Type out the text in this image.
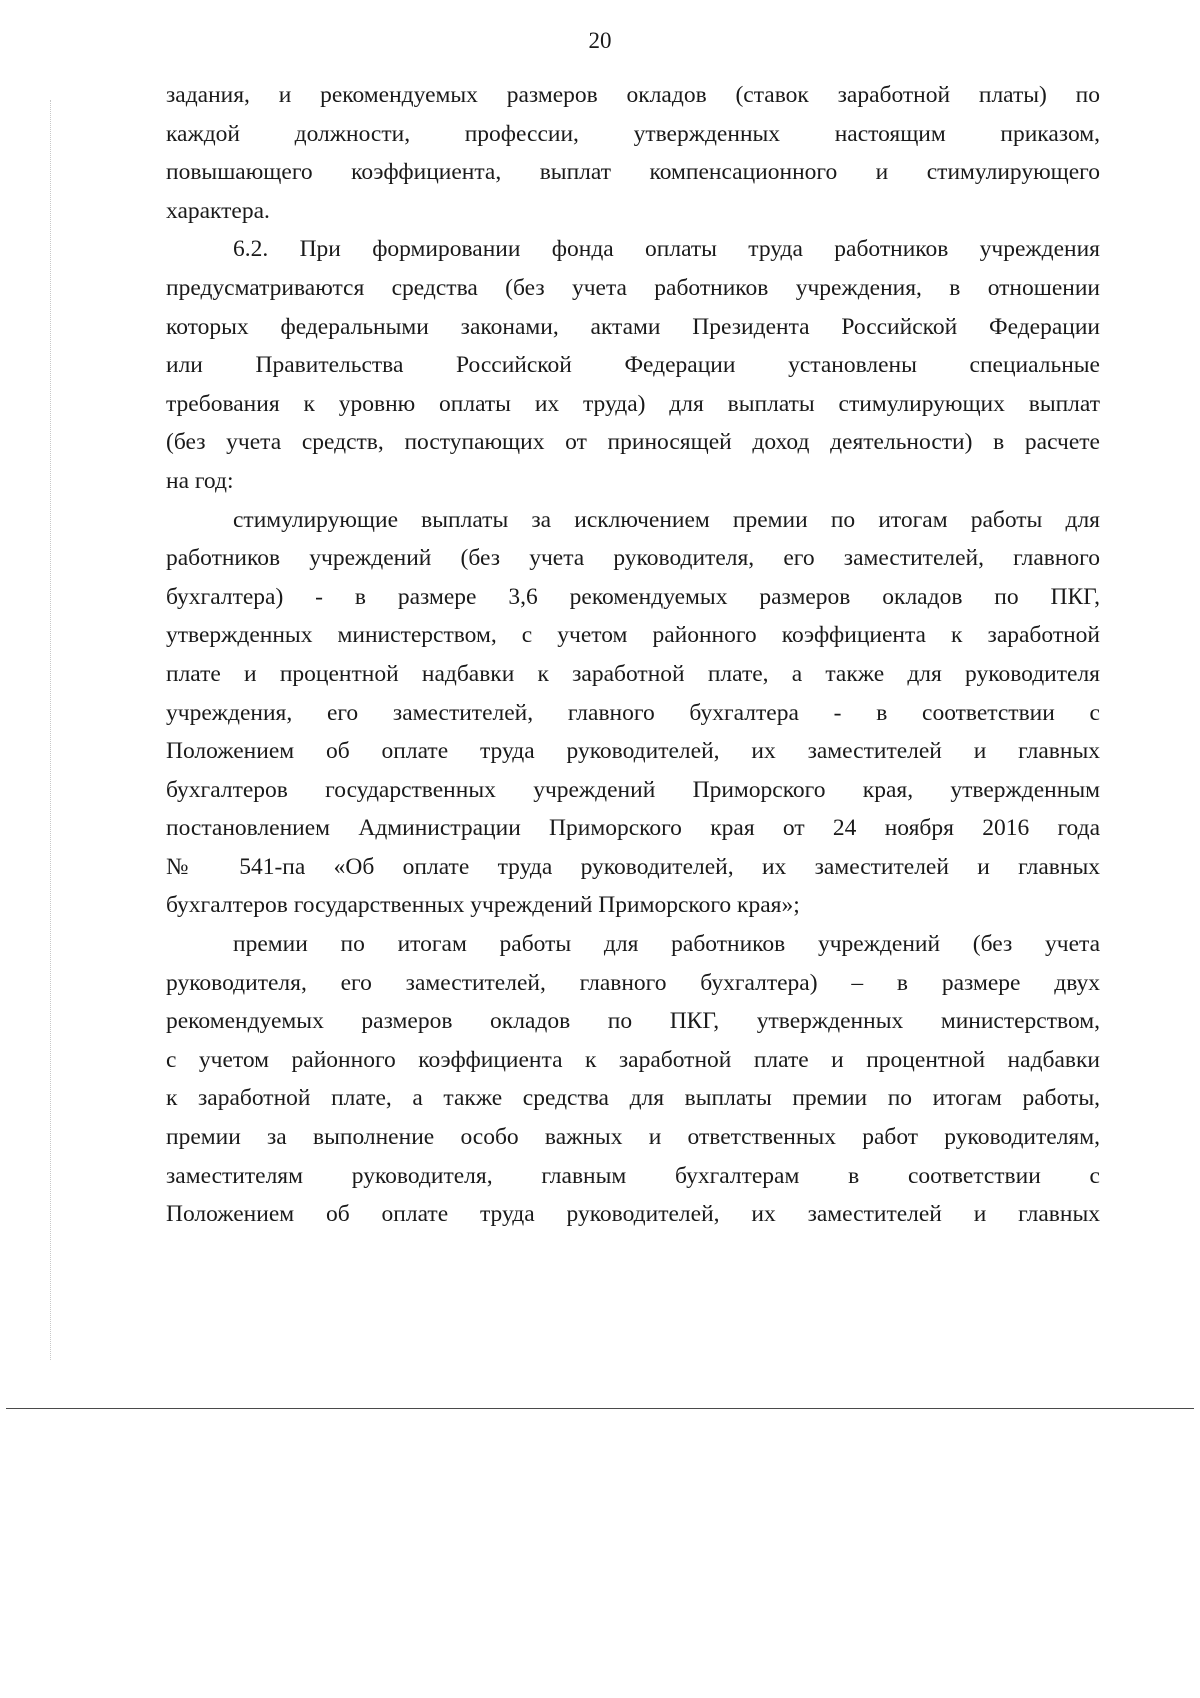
20
задания, и рекомендуемых размеров окладов (ставок заработной платы) по
каждой должности, профессии, утвержденных настоящим приказом,
повышающего коэффициента, выплат компенсационного и стимулирующего
характера.
6.2. При формировании фонда оплаты труда работников учреждения
предусматриваются средства (без учета работников учреждения, в отношении
которых федеральными законами, актами Президента Российской Федерации
или Правительства Российской Федерации установлены специальные
требования к уровню оплаты их труда) для выплаты стимулирующих выплат
(без учета средств, поступающих от приносящей доход деятельности) в расчете
на год:
стимулирующие выплаты за исключением премии по итогам работы для
работников учреждений (без учета руководителя, его заместителей, главного
бухгалтера) - в размере 3,6 рекомендуемых размеров окладов по ПКГ,
утвержденных министерством, с учетом районного коэффициента к заработной
плате и процентной надбавки к заработной плате, а также для руководителя
учреждения, его заместителей, главного бухгалтера - в соответствии с
Положением об оплате труда руководителей, их заместителей и главных
бухгалтеров государственных учреждений Приморского края, утвержденным
постановлением Администрации Приморского края от 24 ноября 2016 года
№ 541-па «Об оплате труда руководителей, их заместителей и главных
бухгалтеров государственных учреждений Приморского края»;
премии по итогам работы для работников учреждений (без учета
руководителя, его заместителей, главного бухгалтера) – в размере двух
рекомендуемых размеров окладов по ПКГ, утвержденных министерством,
с учетом районного коэффициента к заработной плате и процентной надбавки
к заработной плате, а также средства для выплаты премии по итогам работы,
премии за выполнение особо важных и ответственных работ руководителям,
заместителям руководителя, главным бухгалтерам в соответствии с
Положением об оплате труда руководителей, их заместителей и главных
